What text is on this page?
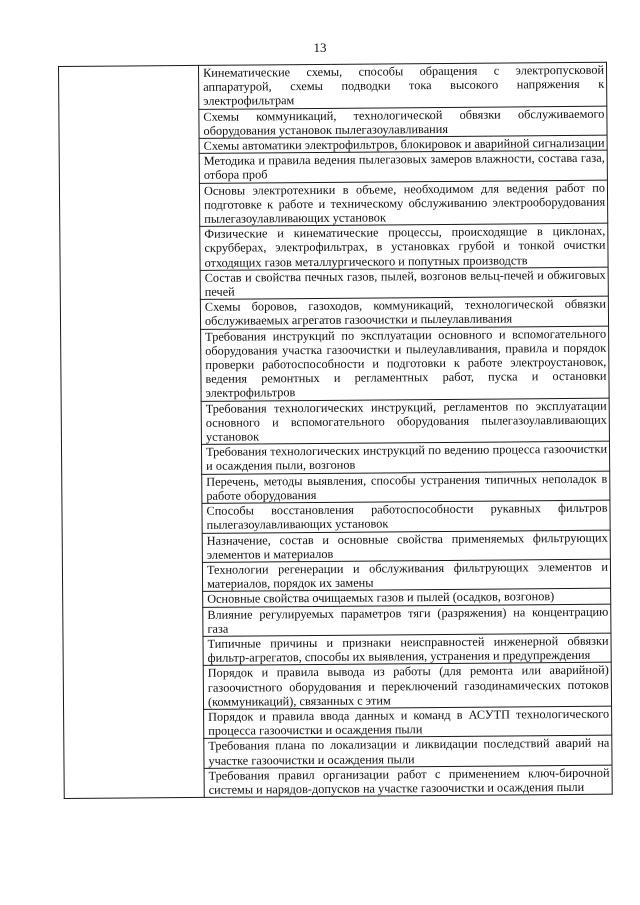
13
	Кинематические схемы, способы обращения с электропусковой аппаратурой, схемы подводки тока высокого напряжения к электрофильтрам
Схемы коммуникаций, технологической обвязки обслуживаемого оборудования установок пылегазоулавливания
Схемы автоматики электрофильтров, блокировок и аварийной сигнализации
Методика и правила ведения пылегазовых замеров влажности, состава газа, отбора проб
Основы электротехники в объеме, необходимом для ведения работ по подготовке к работе и техническому обслуживанию электрооборудования пылегазоулавливающих установок
Физические и кинематические процессы, происходящие в циклонах, скрубберах, электрофильтрах, в установках грубой и тонкой очистки отходящих газов металлургического и попутных производств
Состав и свойства печных газов, пылей, возгонов вельц-печей и обжиговых печей
Схемы боровов, газоходов, коммуникаций, технологической обвязки обслуживаемых агрегатов газоочистки и пылеулавливания
Требования инструкций по эксплуатации основного и вспомогательного оборудования участка газоочистки и пылеулавливания, правила и порядок проверки работоспособности и подготовки к работе электроустановок, ведения ремонтных и регламентных работ, пуска и остановки электрофильтров
Требования технологических инструкций, регламентов по эксплуатации основного и вспомогательного оборудования пылегазоулавливающих установок
Требования технологических инструкций по ведению процесса газоочистки и осаждения пыли, возгонов
Перечень, методы выявления, способы устранения типичных неполадок в работе оборудования
Способы восстановления работоспособности рукавных фильтров пылегазоулавливающих установок
Назначение, состав и основные свойства применяемых фильтрующих элементов и материалов
Технологии регенерации и обслуживания фильтрующих элементов и материалов, порядок их замены
Основные свойства очищаемых газов и пылей (осадков, возгонов)
Влияние регулируемых параметров тяги (разряжения) на концентрацию газа
Типичные причины и признаки неисправностей инженерной обвязки фильтр-агрегатов, способы их выявления, устранения и предупреждения
Порядок и правила вывода из работы (для ремонта или аварийной) газоочистного оборудования и переключений газодинамических потоков (коммуникаций), связанных с этим
Порядок и правила ввода данных и команд в АСУТП технологического процесса газоочистки и осаждения пыли
Требования плана по локализации и ликвидации последствий аварий на участке газоочистки и осаждения пыли
Требования правил организации работ с применением ключ-бирочной системы и нарядов-допусков на участке газоочистки и осаждения пыли
